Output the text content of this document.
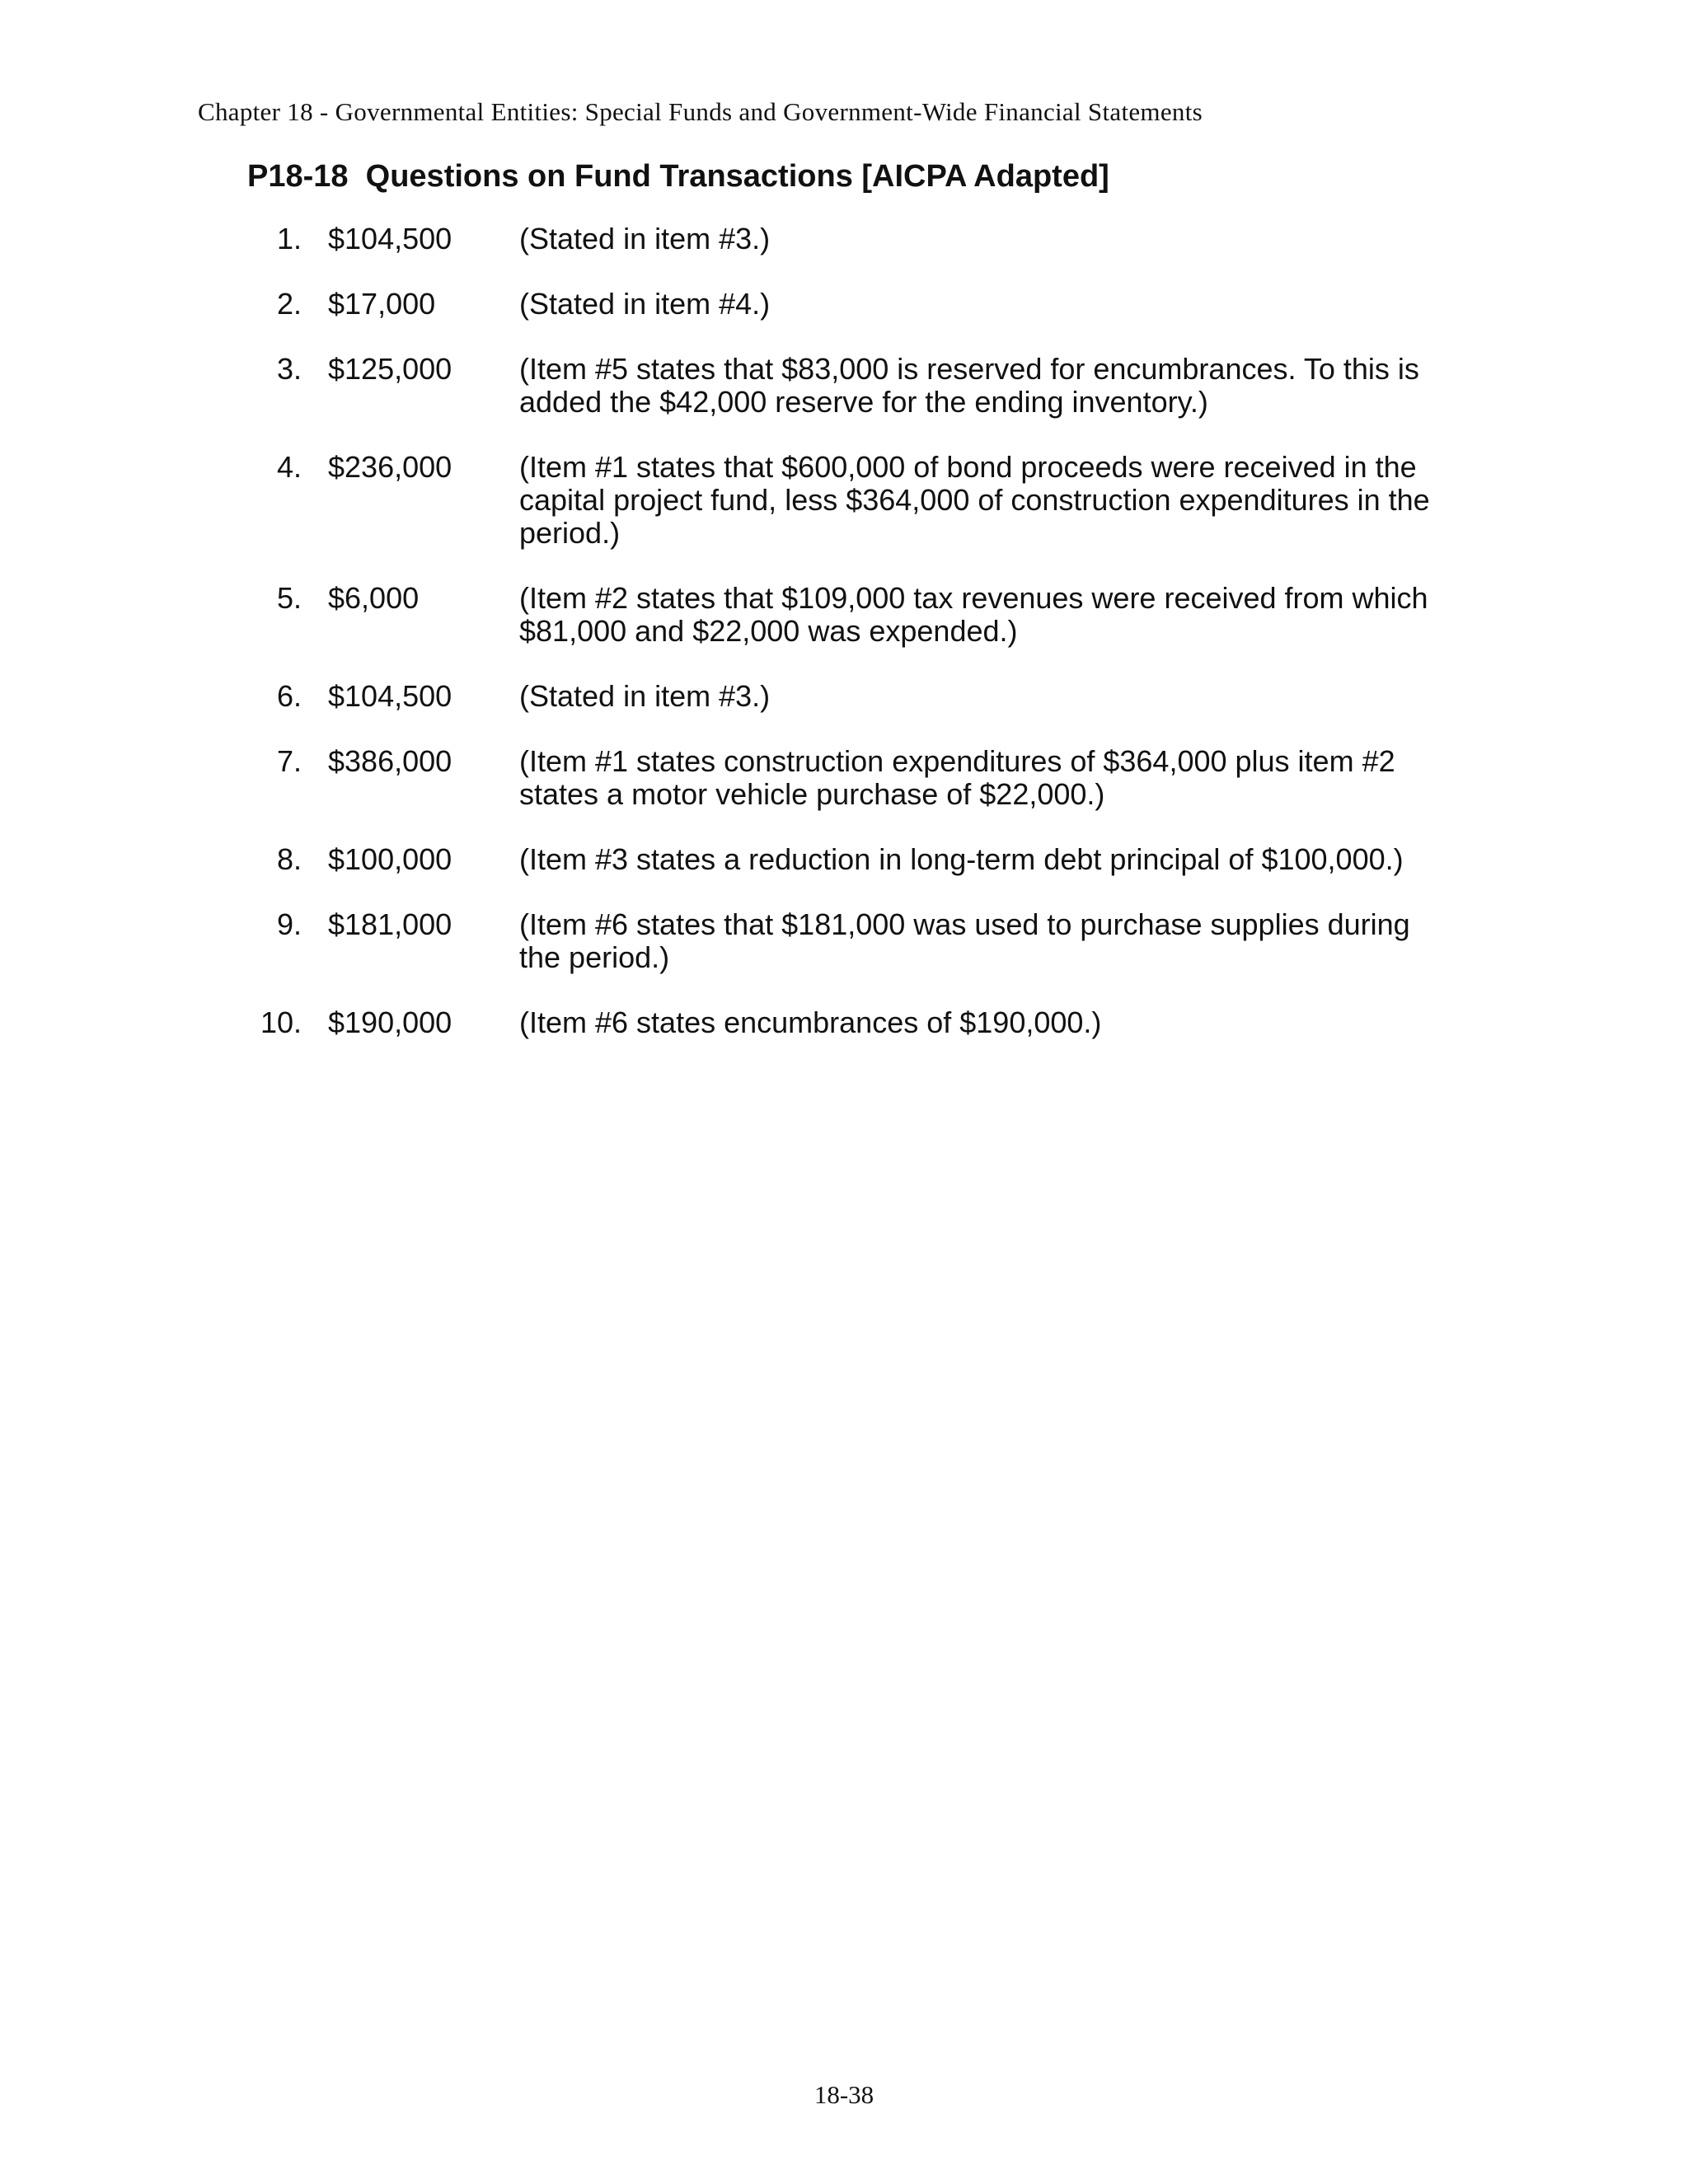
Chapter 18 - Governmental Entities: Special Funds and Government-Wide Financial Statements
P18-18  Questions on Fund Transactions [AICPA Adapted]
1. $104,500	(Stated in item #3.)
2. $17,000	(Stated in item #4.)
3. $125,000	(Item #5 states that $83,000 is reserved for encumbrances. To this is added the $42,000 reserve for the ending inventory.)
4. $236,000	(Item #1 states that $600,000 of bond proceeds were received in the capital project fund, less $364,000 of construction expenditures in the period.)
5. $6,000	(Item #2 states that $109,000 tax revenues were received from which $81,000 and $22,000 was expended.)
6. $104,500	(Stated in item #3.)
7. $386,000	(Item #1 states construction expenditures of $364,000 plus item #2 states a motor vehicle purchase of $22,000.)
8. $100,000	(Item #3 states a reduction in long-term debt principal of $100,000.)
9. $181,000	(Item #6 states that $181,000 was used to purchase supplies during the period.)
10. $190,000	(Item #6 states encumbrances of $190,000.)
18-38
